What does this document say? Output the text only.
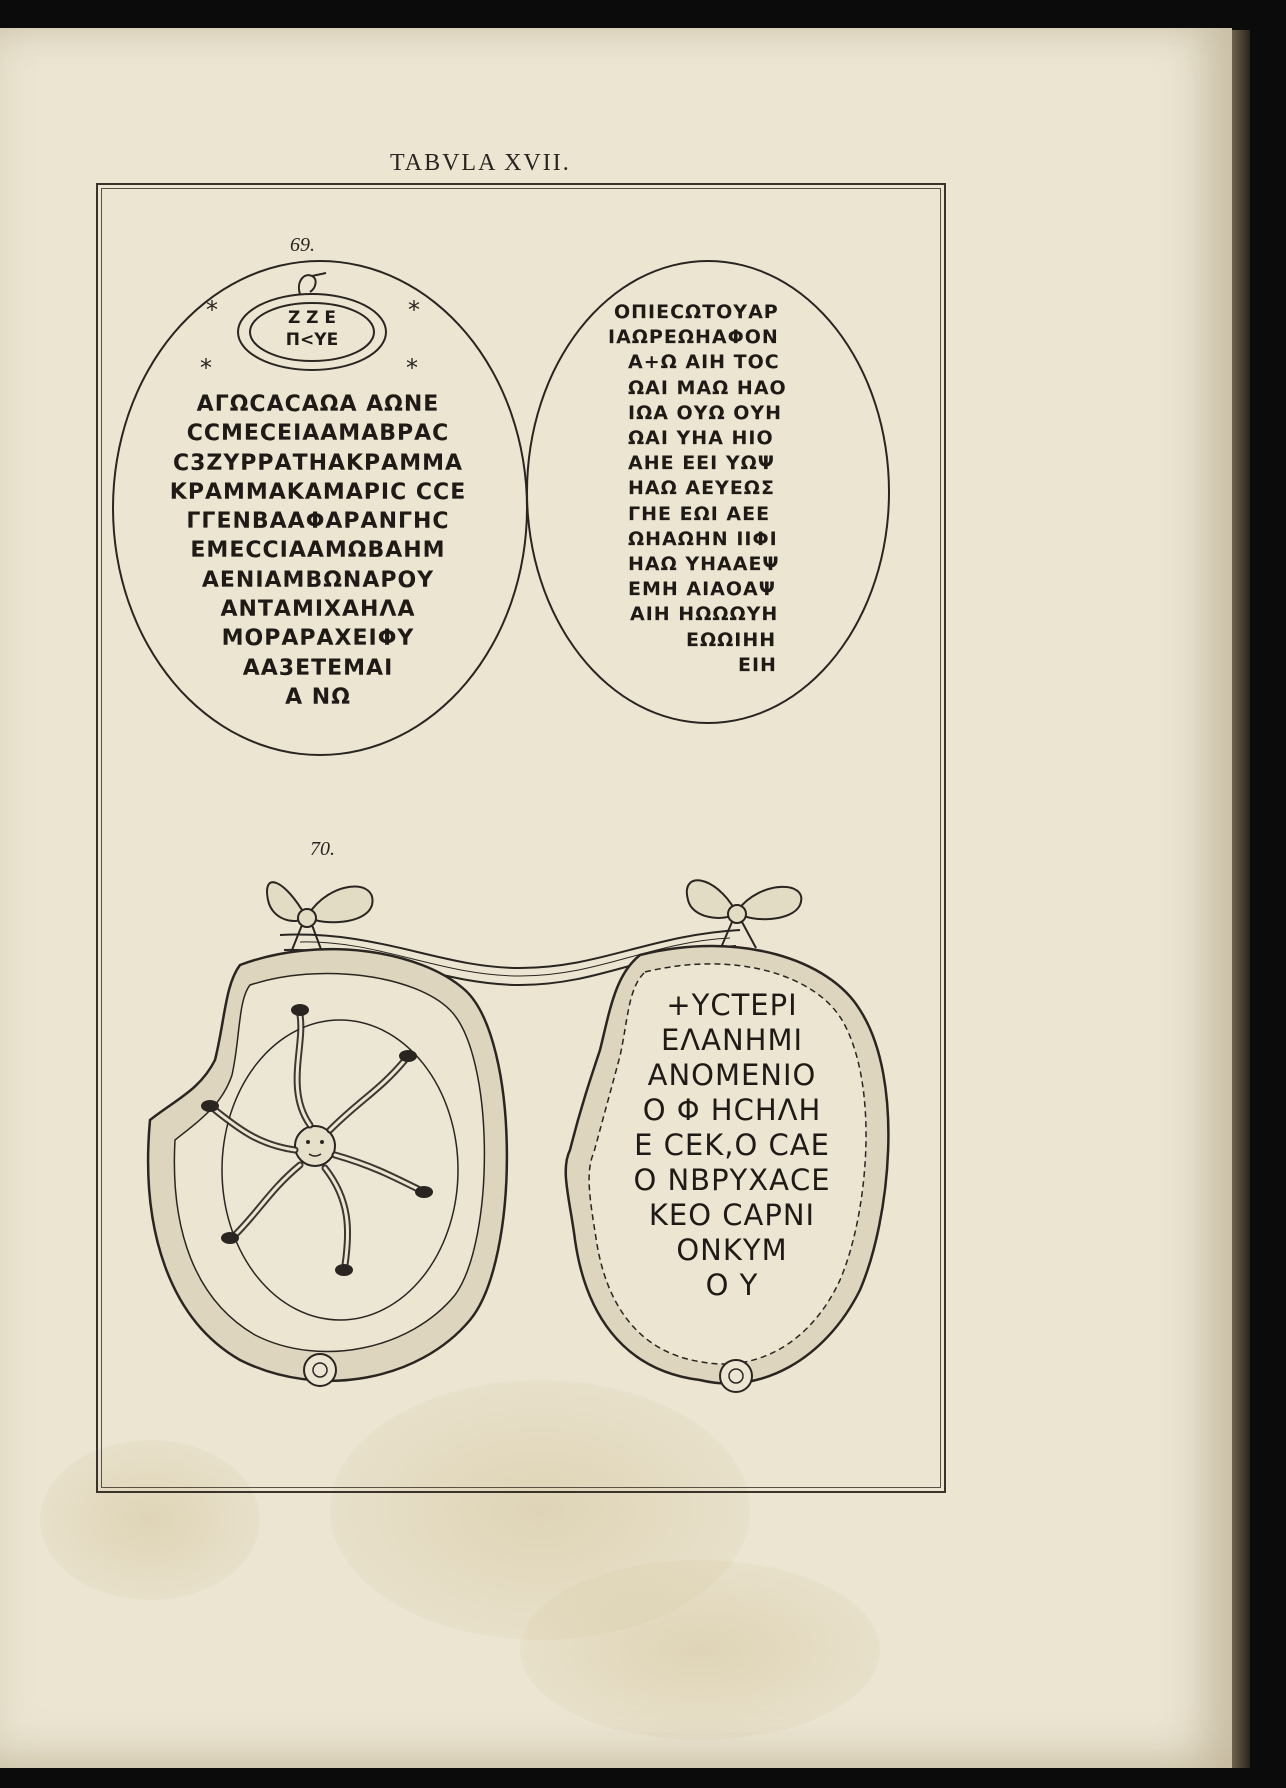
TABVLA XVII.
69.
Z Z E
Π<ΥΕ
*	*
*	*
ΑΓΩϹΑϹΑΩΑ ΑΩΝΕ
ϹϹΜΕϹΕΙΑΑΜΑΒΡΑϹ
Ϲ3ΖΥΡΡΑΤΗΑΚΡΑΜΜΑ
ΚΡΑΜΜΑΚΑΜΑΡΙϹ ϹϹΕ
ΓΓΕΝΒΑΑΦΑΡΑΝΓΗϹ
ΕΜΕϹϹΙΑΑΜΩΒΑΗΜ
ΑΕΝΙΑΜΒΩΝΑΡΟΥ
ΑΝΤΑΜΙΧΑΗΛΑ
ΜΟΡΑΡΑΧΕΙΦΥ
ΑΑ3ΕΤΕΜΑΙ
Α ΝΩ
ΟΠΙΕϹΩΤΟΥΑΡ
ΙΑΩΡΕΩΗΑΦΟΝ
Α+Ω ΑΙΗ ΤΟϹ
ΩΑΙ ΜΑΩ ΗΑΟ
ΙΩΑ ΟΥΩ ΟΥΗ
ΩΑΙ ΥΗΑ ΗΙΟ
ΑΗΕ ΕΕΙ ΥΩΨ
ΗΑΩ ΑΕΥΕΩΣ
ΓΗΕ ΕΩΙ ΑΕΕ
ΩΗΑΩΗΝ ΙΙΦΙ
ΗΑΩ ΥΗΑΑΕΨ
ΕΜΗ ΑΙΑΟΑΨ
ΑΙΗ ΗΩΩΩΥΗ
ΕΩΩΙΗΗ
ΕΙΗ
70.
+ΥϹΤΕΡΙ
ΕΛΑΝΗΜΙ
ΑΝΟΜΕΝΙΟ
Ο Φ ΗϹΗΛΗ
Ε ϹΕΚ,Ο ϹΑΕ
Ο ΝΒΡΥΧΑϹΕ
ΚΕΟ ϹΑΡΝΙ
ΟΝΚΥΜ
Ο Υ
